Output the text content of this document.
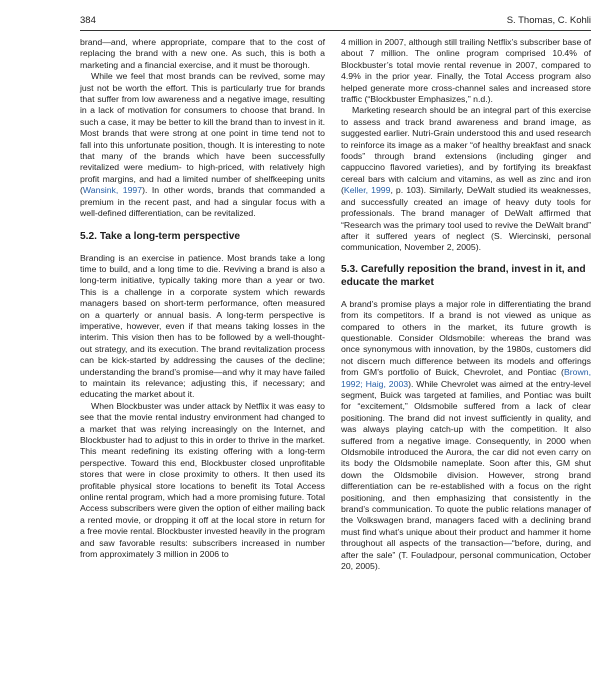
384	S. Thomas, C. Kohli

brand—and, where appropriate, compare that to the cost of replacing the brand with a new one. As such, this is both a marketing and a financial exercise, and it must be thorough.

While we feel that most brands can be revived, some may just not be worth the effort. This is particularly true for brands that suffer from low awareness and a negative image, resulting in a lack of motivation for consumers to choose that brand. In such a case, it may be better to kill the brand than to invest in it. Most brands that were strong at one point in time tend not to fall into this unfortunate position, though. It is interesting to note that many of the brands which have been successfully revitalized were medium- to high-priced, with relatively high profit margins, and had a limited number of shelfkeeping units (Wansink, 1997). In other words, brands that commanded a premium in the recent past, and had a singular focus with a well-defined differentiation, can be revitalized.

5.2. Take a long-term perspective

Branding is an exercise in patience. Most brands take a long time to build, and a long time to die. Reviving a brand is also a long-term initiative, typically taking more than a year or two. This is a challenge in a corporate system which rewards managers based on short-term performance, often measured on a quarterly or annual basis. A long-term perspective is imperative, however, even if that means taking losses in the interim. This vision then has to be followed by a well-thought-out strategy, and its execution. The brand revitalization process can be kick-started by addressing the causes of the decline; understanding the brand’s promise—and why it may have failed to maintain its relevance; adjusting this, if necessary; and educating the market about it.

When Blockbuster was under attack by Netflix it was easy to see that the movie rental industry environment had changed to a market that was relying increasingly on the Internet, and Blockbuster had to adjust to this in order to thrive in the market. This meant redefining its existing offering with a long-term perspective. Toward this end, Blockbuster closed unprofitable stores that were in close proximity to others. It then used its profitable physical store locations to benefit its Total Access online rental program, which had a more promising future. Total Access subscribers were given the option of either mailing back a rented movie, or dropping it off at the local store in return for a free movie rental. Blockbuster invested heavily in the program and saw favorable results: subscribers increased in number from approximately 3 million in 2006 to

4 million in 2007, although still trailing Netflix’s subscriber base of about 7 million. The online program comprised 10.4% of Blockbuster’s total movie rental revenue in 2007, compared to 4.9% in the prior year. Finally, the Total Access program also helped generate more cross-channel sales and increased store traffic (“Blockbuster Emphasizes,” n.d.).

Marketing research should be an integral part of this exercise to assess and track brand awareness and brand image, as suggested earlier. Nutri-Grain understood this and used research to reinforce its image as a maker “of healthy breakfast and snack foods” through brand extensions (including ginger and cappuccino flavored varieties), and by fortifying its breakfast cereal bars with calcium and vitamins, as well as zinc and iron (Keller, 1999, p. 103). Similarly, DeWalt studied its weaknesses, and successfully created an image of heavy duty tools for professionals. The brand manager of DeWalt affirmed that “Research was the primary tool used to revive the DeWalt brand” after it suffered years of neglect (S. Wiercinski, personal communication, November 2, 2005).

5.3. Carefully reposition the brand, invest in it, and educate the market

A brand’s promise plays a major role in differentiating the brand from its competitors. If a brand is not viewed as unique as compared to others in the market, its future growth is questionable. Consider Oldsmobile: whereas the brand was once synonymous with innovation, by the 1980s, customers did not discern much difference between its models and offerings from GM’s portfolio of Buick, Chevrolet, and Pontiac (Brown, 1992; Haig, 2003). While Chevrolet was aimed at the entry-level segment, Buick was targeted at families, and Pontiac was built for “excitement,” Oldsmobile suffered from a lack of clear positioning. The brand did not invest sufficiently in quality, and was always playing catch-up with the competition. It also suffered from a negative image. Consequently, in 2000 when Oldsmobile introduced the Aurora, the car did not even carry on its body the Oldsmobile nameplate. Soon after this, GM shut down the Oldsmobile division. However, strong brand differentiation can be re-established with a focus on the right positioning, and then emphasizing that consistently in the brand’s communication. To quote the public relations manager of the Volkswagen brand, managers faced with a declining brand must find what’s unique about their product and hammer it home throughout all aspects of the transaction—“before, during, and after the sale” (T. Fouladpour, personal communication, October 20, 2005).
